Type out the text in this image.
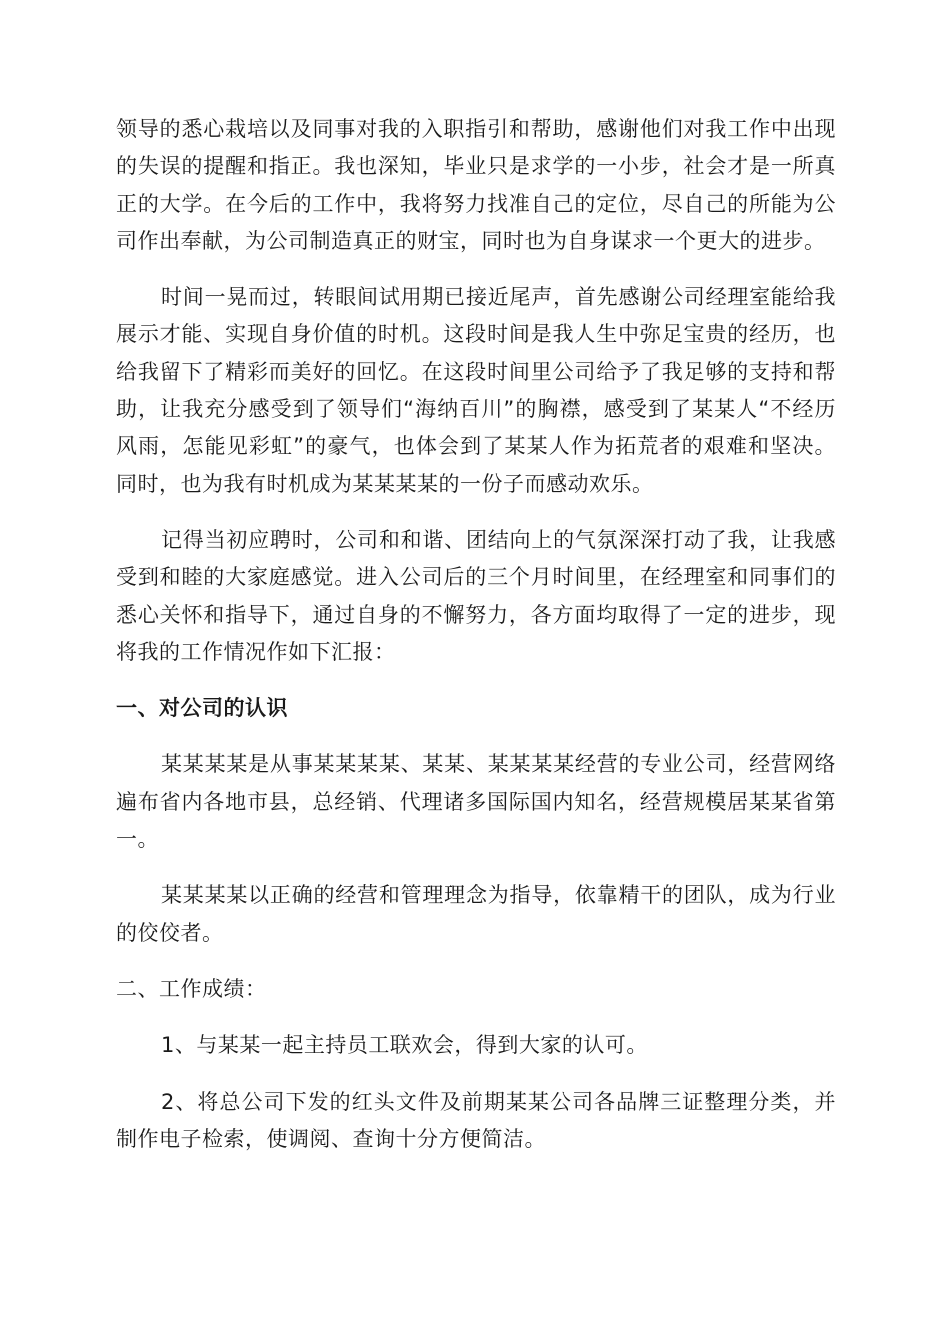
领导的悉心栽培以及同事对我的入职指引和帮助，感谢他们对我工作中出现的失误的提醒和指正。我也深知，毕业只是求学的一小步，社会才是一所真正的大学。在今后的工作中，我将努力找准自己的定位，尽自己的所能为公司作出奉献，为公司制造真正的财宝，同时也为自身谋求一个更大的进步。

时间一晃而过，转眼间试用期已接近尾声，首先感谢公司经理室能给我展示才能、实现自身价值的时机。这段时间是我人生中弥足宝贵的经历，也给我留下了精彩而美好的回忆。在这段时间里公司给予了我足够的支持和帮助，让我充分感受到了领导们“海纳百川”的胸襟，感受到了某某人“不经历风雨，怎能见彩虹”的豪气，也体会到了某某人作为拓荒者的艰难和坚决。同时，也为我有时机成为某某某某的一份子而感动欢乐。

记得当初应聘时，公司和和谐、团结向上的气氛深深打动了我，让我感受到和睦的大家庭感觉。进入公司后的三个月时间里，在经理室和同事们的悉心关怀和指导下，通过自身的不懈努力，各方面均取得了一定的进步，现将我的工作情况作如下汇报：

一、对公司的认识

某某某某是从事某某某某、某某、某某某某经营的专业公司，经营网络遍布省内各地市县，总经销、代理诸多国际国内知名，经营规模居某某省第一。

某某某某以正确的经营和管理理念为指导，依靠精干的团队，成为行业的佼佼者。

二、工作成绩：

1、与某某一起主持员工联欢会，得到大家的认可。

2、将总公司下发的红头文件及前期某某公司各品牌三证整理分类，并制作电子检索，使调阅、查询十分方便简洁。
